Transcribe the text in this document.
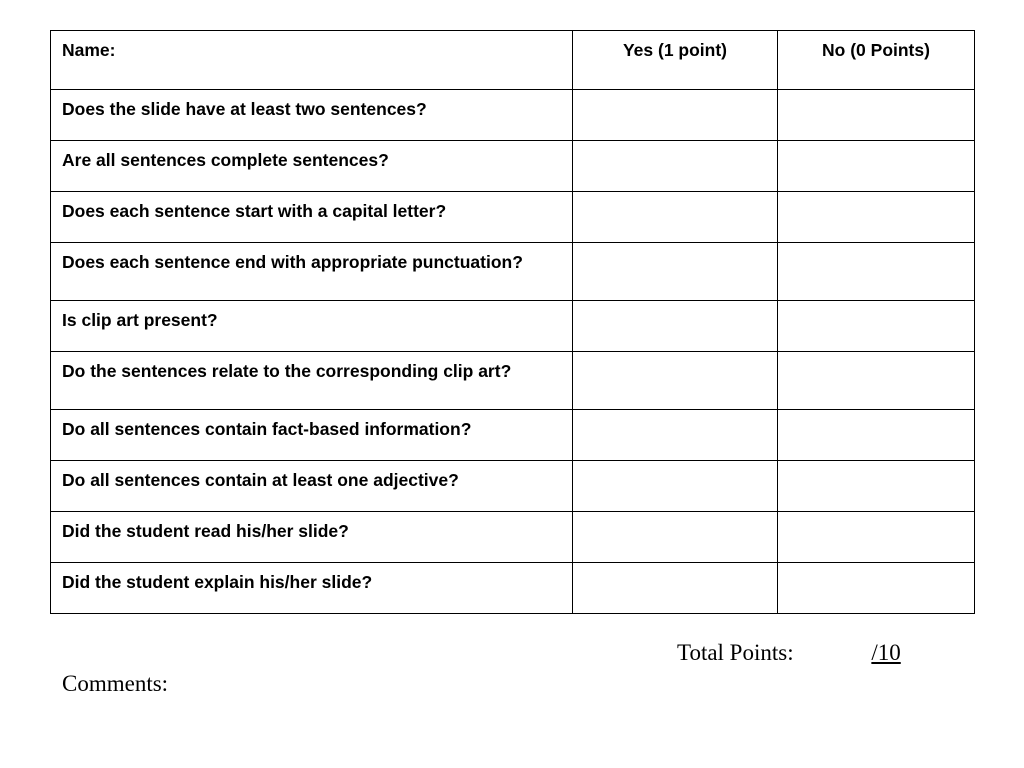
Name:	Yes (1 point)	No (0 Points)

Does the slide have at least two sentences?		

Are all sentences complete sentences?		

Does each sentence start with a capital letter?		

Does each sentence end with appropriate punctuation?		

Is clip art present?		

Do the sentences relate to the corresponding clip art?		

Do all sentences contain fact-based information?		

Do all sentences contain at least one adjective?		

Did the student read his/her slide?		

Did the student explain his/her slide?		

Total Points:	/10
Comments:
